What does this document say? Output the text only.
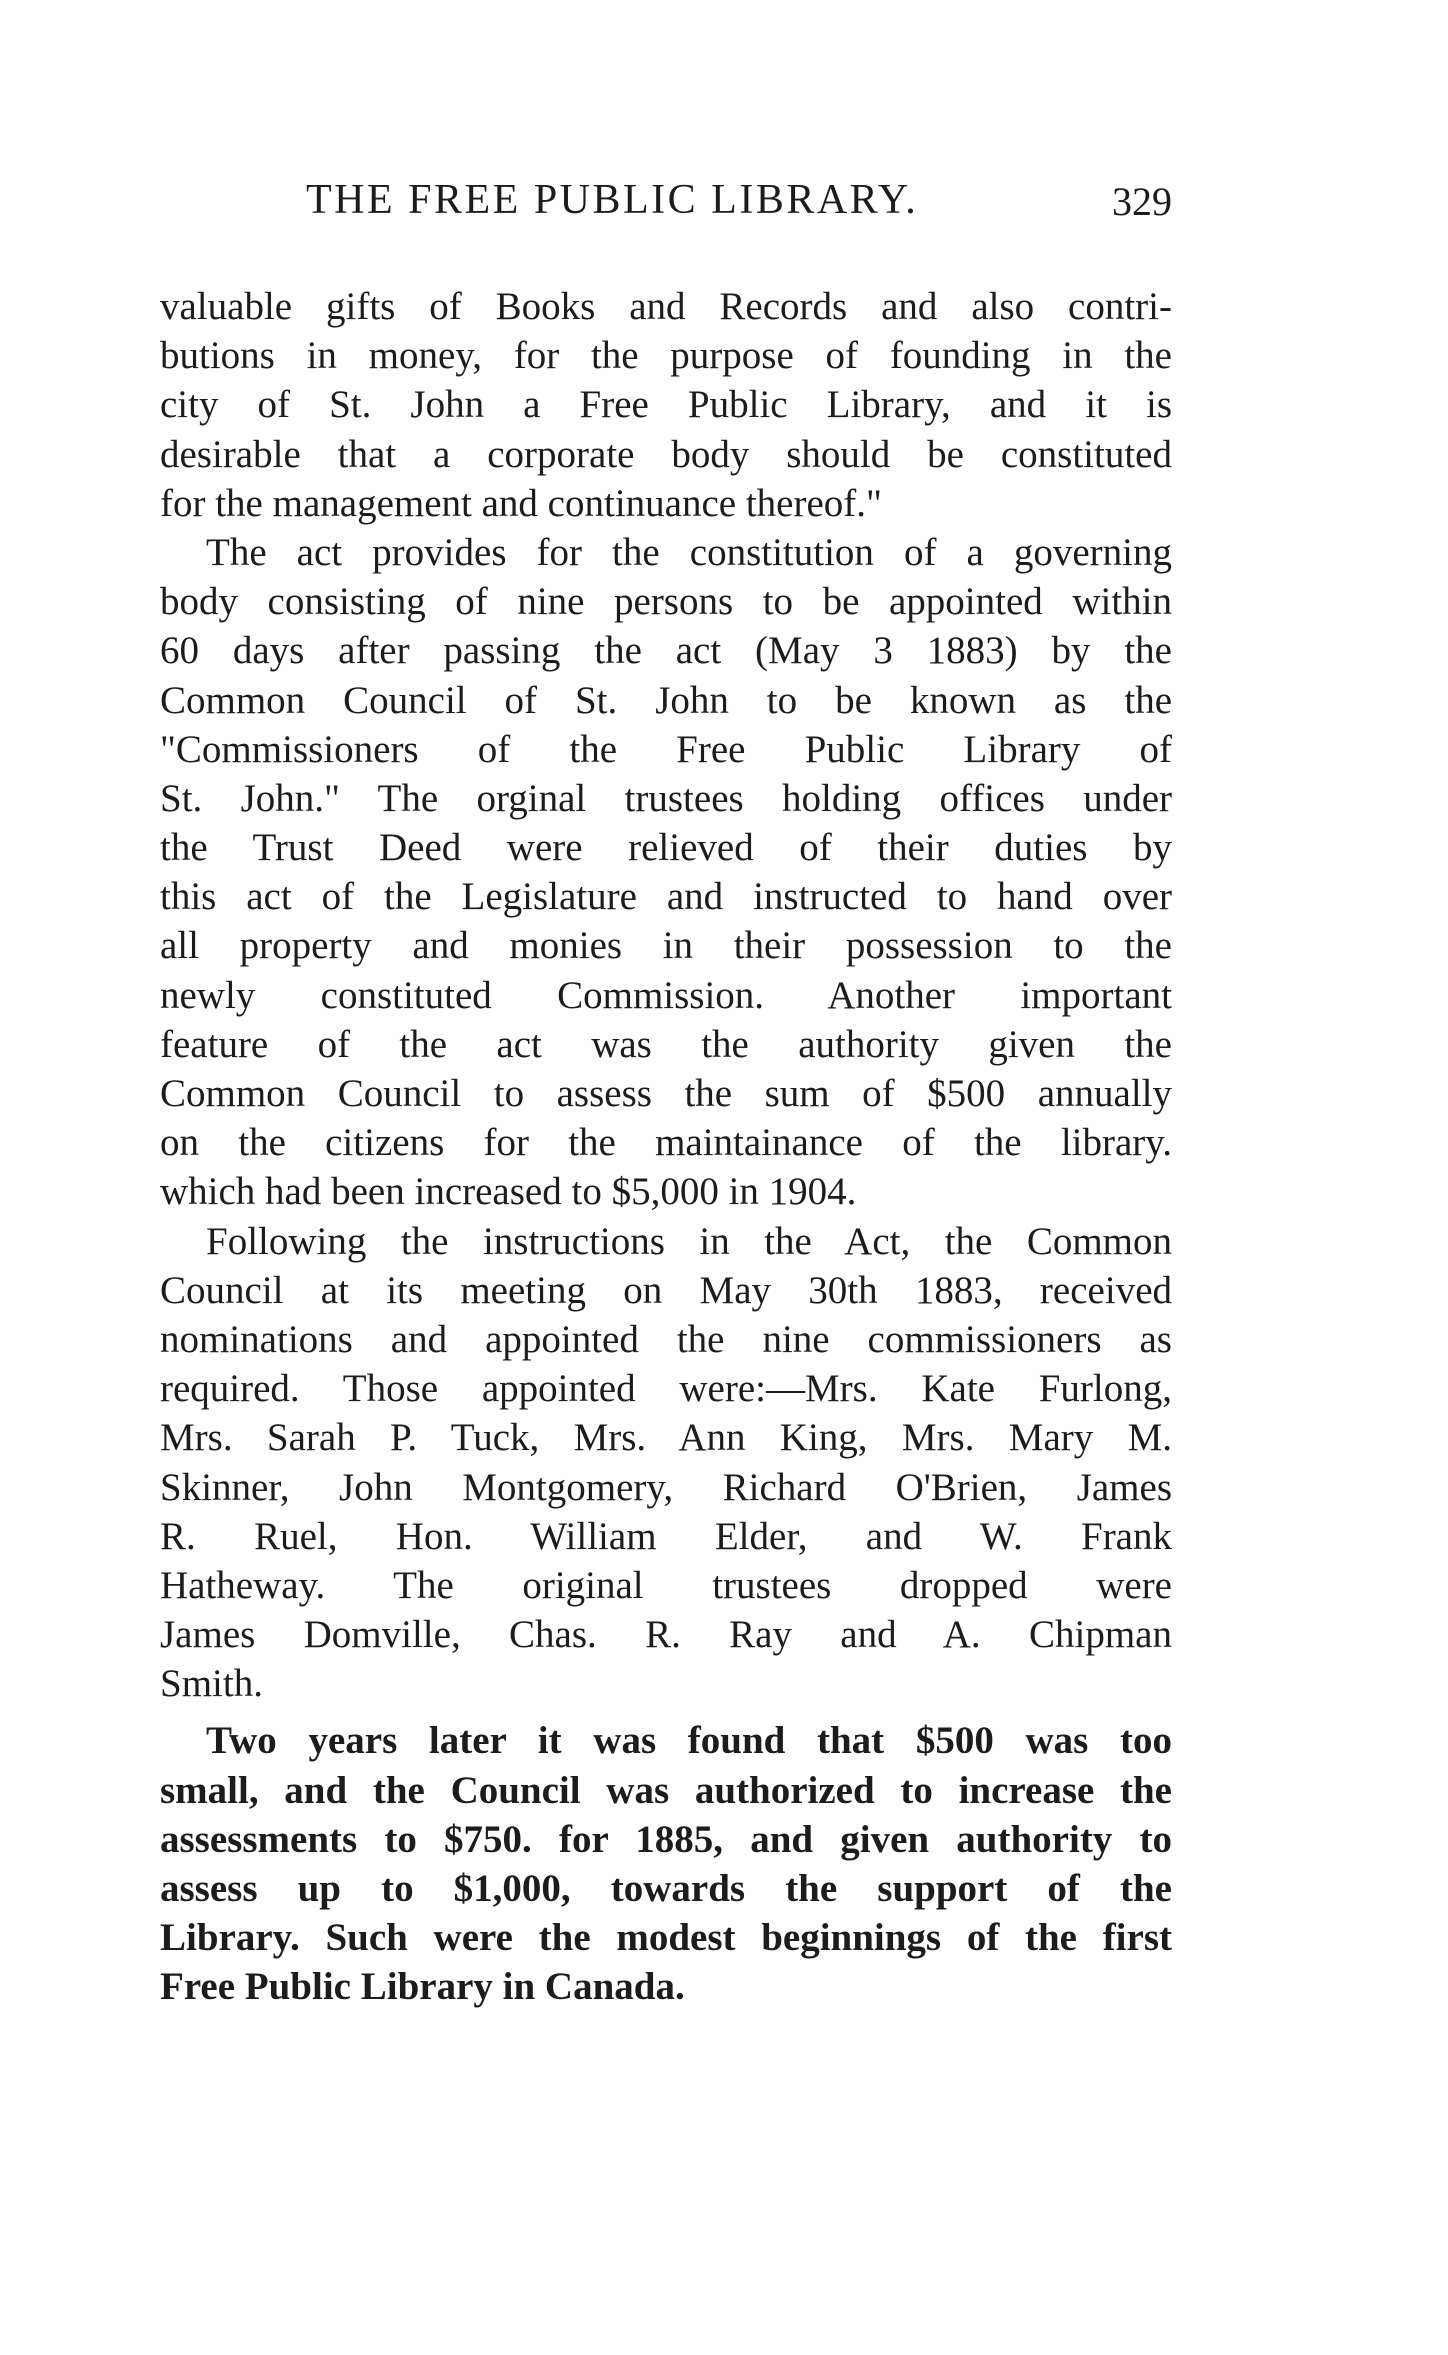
THE FREE PUBLIC LIBRARY.	329
valuable gifts of Books and Records and also contri-
butions in money, for the purpose of founding in the
city of St. John a Free Public Library, and it is
desirable that a corporate body should be constituted
for the management and continuance thereof."
The act provides for the constitution of a governing
body consisting of nine persons to be appointed within
60 days after passing the act (May 3 1883) by the
Common Council of St. John to be known as the
"Commissioners of the Free Public Library of
St. John." The orginal trustees holding offices under
the Trust Deed were relieved of their duties by
this act of the Legislature and instructed to hand over
all property and monies in their possession to the
newly constituted Commission. Another important
feature of the act was the authority given the
Common Council to assess the sum of $500 annually
on the citizens for the maintainance of the library.
which had been increased to $5,000 in 1904.
Following the instructions in the Act, the Common
Council at its meeting on May 30th 1883, received
nominations and appointed the nine commissioners as
required. Those appointed were:—Mrs. Kate Furlong,
Mrs. Sarah P. Tuck, Mrs. Ann King, Mrs. Mary M.
Skinner, John Montgomery, Richard O'Brien, James
R. Ruel, Hon. William Elder, and W. Frank
Hatheway. The original trustees dropped were
James Domville, Chas. R. Ray and A. Chipman
Smith.
Two years later it was found that $500 was too
small, and the Council was authorized to increase the
assessments to $750. for 1885, and given authority to
assess up to $1,000, towards the support of the
Library. Such were the modest beginnings of the first
Free Public Library in Canada.
